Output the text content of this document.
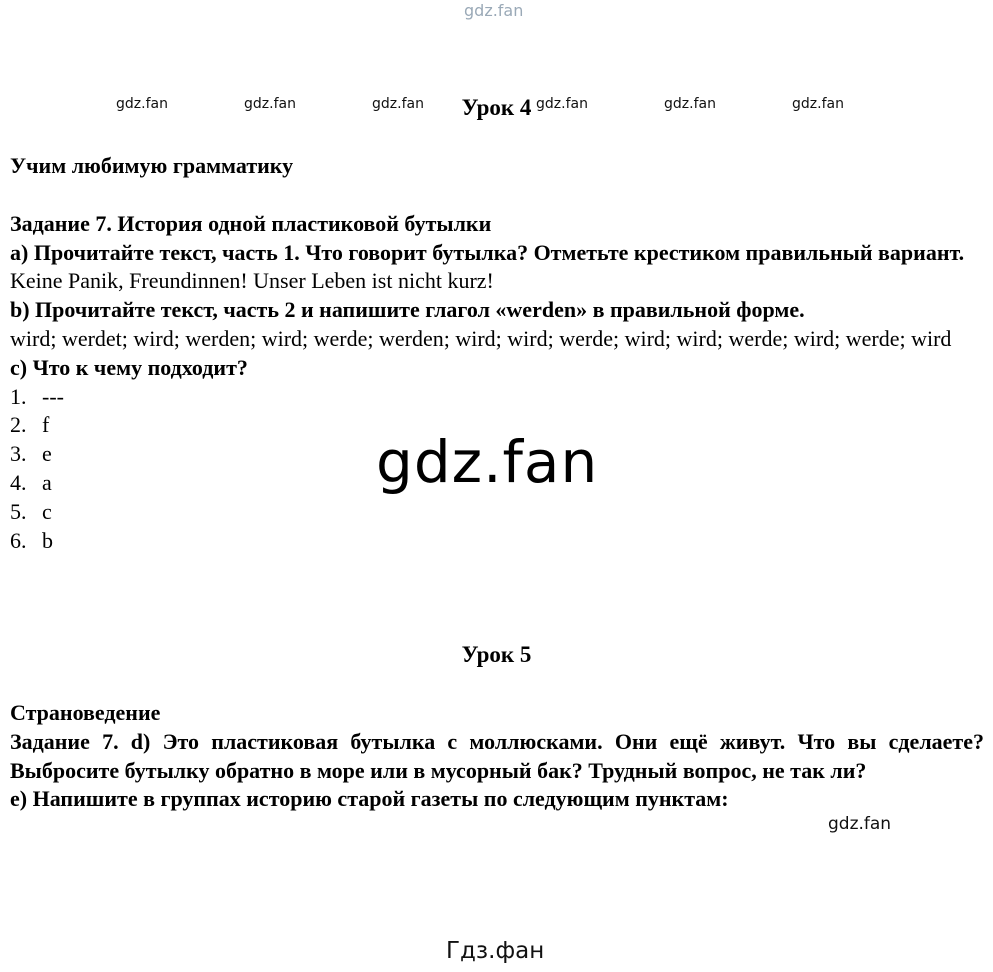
gdz.fan
gdz.fan	gdz.fan	gdz.fan	gdz.fan	gdz.fan	gdz.fan
Урок 4

Учим любимую грамматику

Задание 7. История одной пластиковой бутылки

a) Прочитайте текст, часть 1. Что говорит бутылка? Отметьте крестиком правильный вариант.

Keine Panik, Freundinnen! Unser Leben ist nicht kurz!

b) Прочитайте текст, часть 2 и напишите глагол «werden» в правильной форме.

wird; werdet; wird; werden; wird; werde; werden; wird; wird; werde; wird; wird; werde; wird; werde; wird

c) Что к чему подходит?

1. ---

2. f

3. e

4. a

5. c

6. b

gdz.fan
Урок 5

Страноведение

Задание 7. d) Это пластиковая бутылка с моллюсками. Они ещё живут. Что вы сделаете? Выбросите бутылку обратно в море или в мусорный бак? Трудный вопрос, не так ли?

e) Напишите в группах историю старой газеты по следующим пунктам:

gdz.fan
Гдз.фан
